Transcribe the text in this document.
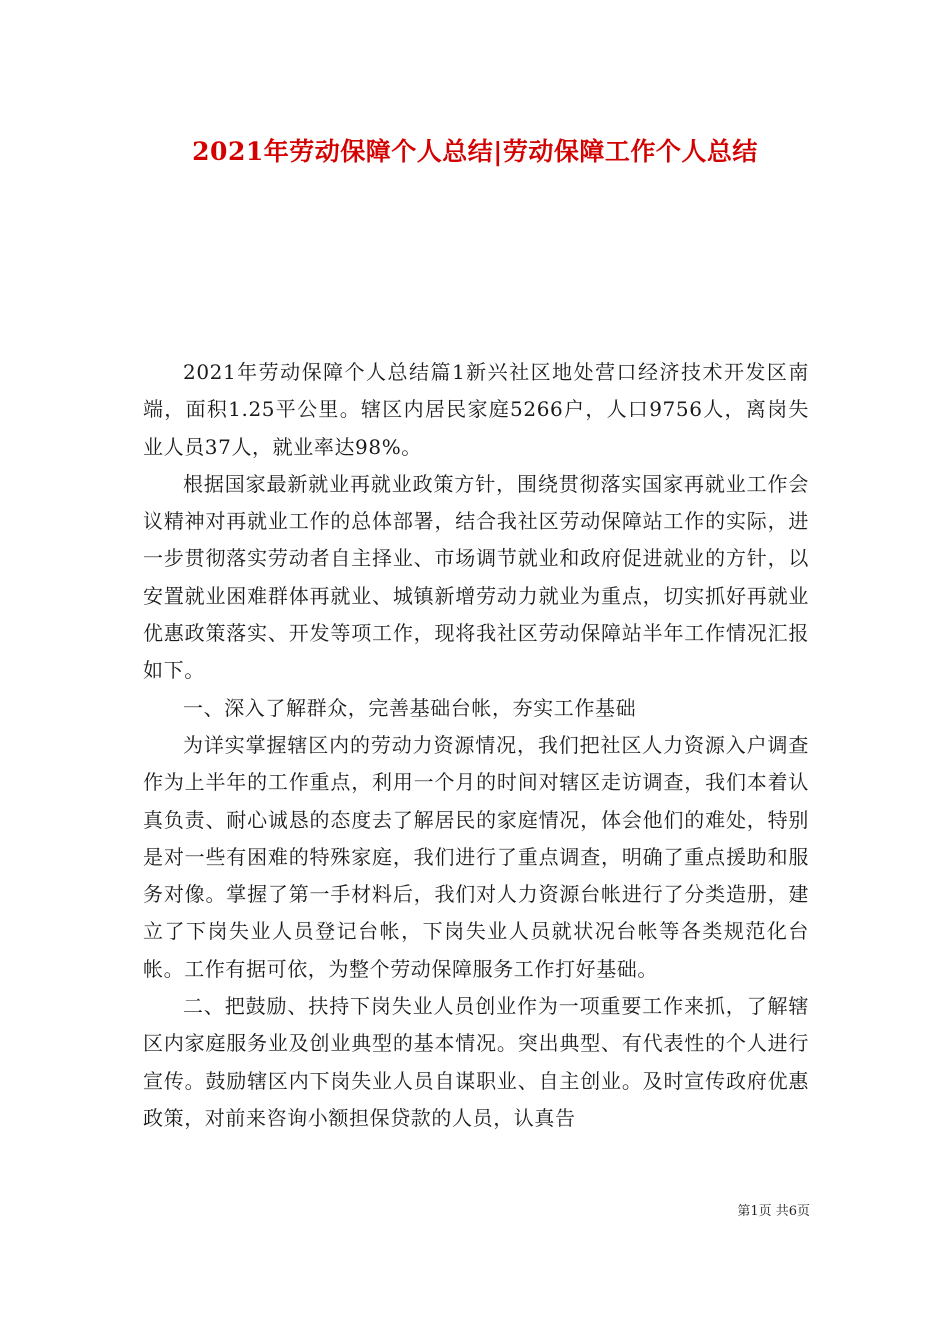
2021年劳动保障个人总结|劳动保障工作个人总结

2021年劳动保障个人总结篇1新兴社区地处营口经济技术开发区南端，面积1.25平公里。辖区内居民家庭5266户，人口9756人，离岗失业人员37人，就业率达98%。

根据国家最新就业再就业政策方针，围绕贯彻落实国家再就业工作会议精神对再就业工作的总体部署，结合我社区劳动保障站工作的实际，进一步贯彻落实劳动者自主择业、市场调节就业和政府促进就业的方针，以安置就业困难群体再就业、城镇新增劳动力就业为重点，切实抓好再就业优惠政策落实、开发等项工作，现将我社区劳动保障站半年工作情况汇报如下。

一、深入了解群众，完善基础台帐，夯实工作基础

为详实掌握辖区内的劳动力资源情况，我们把社区人力资源入户调查作为上半年的工作重点，利用一个月的时间对辖区走访调查，我们本着认真负责、耐心诚恳的态度去了解居民的家庭情况，体会他们的难处，特别是对一些有困难的特殊家庭，我们进行了重点调查，明确了重点援助和服务对像。掌握了第一手材料后，我们对人力资源台帐进行了分类造册，建立了下岗失业人员登记台帐，下岗失业人员就状况台帐等各类规范化台帐。工作有据可依，为整个劳动保障服务工作打好基础。

二、把鼓励、扶持下岗失业人员创业作为一项重要工作来抓，了解辖区内家庭服务业及创业典型的基本情况。突出典型、有代表性的个人进行宣传。鼓励辖区内下岗失业人员自谋职业、自主创业。及时宣传政府优惠政策，对前来咨询小额担保贷款的人员，认真告

第1页 共6页
